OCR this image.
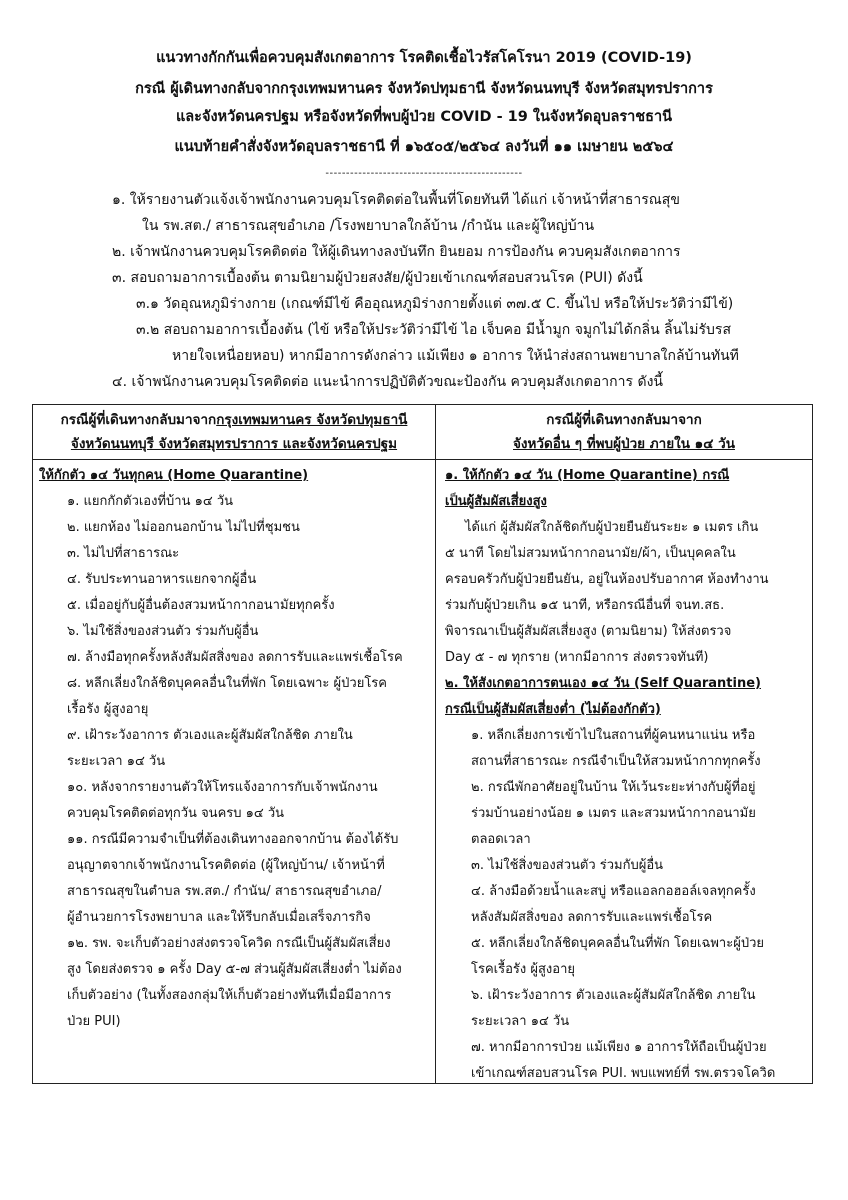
แนวทางกักกันเพื่อควบคุมสังเกตอาการ โรคติดเชื้อไวรัสโคโรนา 2019 (COVID-19)
กรณี ผู้เดินทางกลับจากกรุงเทพมหานคร จังหวัดปทุมธานี จังหวัดนนทบุรี จังหวัดสมุทรปราการ
และจังหวัดนครปฐม หรือจังหวัดที่พบผู้ป่วย COVID - 19 ในจังหวัดอุบลราชธานี
แนบท้ายคำสั่งจังหวัดอุบลราชธานี ที่ ๑๖๕๐๕/๒๕๖๔ ลงวันที่ ๑๑ เมษายน ๒๕๖๔
------------------------------------------------
๑. ให้รายงานตัวแจ้งเจ้าพนักงานควบคุมโรคติดต่อในพื้นที่โดยทันที ได้แก่ เจ้าหน้าที่สาธารณสุข
ใน รพ.สต./ สาธารณสุขอำเภอ /โรงพยาบาลใกล้บ้าน /กำนัน และผู้ใหญ่บ้าน
๒. เจ้าพนักงานควบคุมโรคติดต่อ ให้ผู้เดินทางลงบันทึก ยินยอม การป้องกัน ควบคุมสังเกตอาการ
๓. สอบถามอาการเบื้องต้น ตามนิยามผู้ป่วยสงสัย/ผู้ป่วยเข้าเกณฑ์สอบสวนโรค (PUI) ดังนี้
๓.๑ วัดอุณหภูมิร่างกาย (เกณฑ์มีไข้ คืออุณหภูมิร่างกายตั้งแต่ ๓๗.๕ C. ขึ้นไป หรือให้ประวัติว่ามีไข้)
๓.๒ สอบถามอาการเบื้องต้น (ไข้ หรือให้ประวัติว่ามีไข้ ไอ เจ็บคอ มีน้ำมูก จมูกไม่ได้กลิ่น ลิ้นไม่รับรส
หายใจเหนื่อยหอบ) หากมีอาการดังกล่าว แม้เพียง ๑ อาการ ให้นำส่งสถานพยาบาลใกล้บ้านทันที
๔. เจ้าพนักงานควบคุมโรคติดต่อ แนะนำการปฏิบัติตัวขณะป้องกัน ควบคุมสังเกตอาการ ดังนี้
กรณีผู้ที่เดินทางกลับมาจากกรุงเทพมหานคร จังหวัดปทุมธานี
จังหวัดนนทบุรี จังหวัดสมุทรปราการ และจังหวัดนครปฐม
กรณีผู้ที่เดินทางกลับมาจาก
จังหวัดอื่น ๆ ที่พบผู้ป่วย ภายใน ๑๔ วัน
ให้กักตัว ๑๔ วันทุกคน (Home Quarantine)
๑. แยกกักตัวเองที่บ้าน ๑๔ วัน
๒. แยกห้อง ไม่ออกนอกบ้าน ไม่ไปที่ชุมชน
๓. ไม่ไปที่สาธารณะ
๔. รับประทานอาหารแยกจากผู้อื่น
๕. เมื่ออยู่กับผู้อื่นต้องสวมหน้ากากอนามัยทุกครั้ง
๖. ไม่ใช้สิ่งของส่วนตัว ร่วมกับผู้อื่น
๗. ล้างมือทุกครั้งหลังสัมผัสสิ่งของ ลดการรับและแพร่เชื้อโรค
๘. หลีกเลี่ยงใกล้ชิดบุคคลอื่นในที่พัก โดยเฉพาะ ผู้ป่วยโรค
เรื้อรัง ผู้สูงอายุ
๙. เฝ้าระวังอาการ ตัวเองและผู้สัมผัสใกล้ชิด ภายใน
ระยะเวลา ๑๔ วัน
๑๐. หลังจากรายงานตัวให้โทรแจ้งอาการกับเจ้าพนักงาน
ควบคุมโรคติดต่อทุกวัน จนครบ ๑๔ วัน
๑๑. กรณีมีความจำเป็นที่ต้องเดินทางออกจากบ้าน ต้องได้รับ
อนุญาตจากเจ้าพนักงานโรคติดต่อ (ผู้ใหญ่บ้าน/ เจ้าหน้าที่
สาธารณสุขในตำบล รพ.สต./ กำนัน/ สาธารณสุขอำเภอ/
ผู้อำนวยการโรงพยาบาล และให้รีบกลับเมื่อเสร็จภารกิจ
๑๒. รพ. จะเก็บตัวอย่างส่งตรวจโควิด กรณีเป็นผู้สัมผัสเสี่ยง
สูง โดยส่งตรวจ ๑ ครั้ง Day ๕-๗ ส่วนผู้สัมผัสเสี่ยงต่ำ ไม่ต้อง
เก็บตัวอย่าง (ในทั้งสองกลุ่มให้เก็บตัวอย่างทันทีเมื่อมีอาการ
ป่วย PUI)
๑. ให้กักตัว ๑๔ วัน (Home Quarantine) กรณี
เป็นผู้สัมผัสเสี่ยงสูง
ได้แก่ ผู้สัมผัสใกล้ชิดกับผู้ป่วยยืนยันระยะ ๑ เมตร เกิน
๕ นาที โดยไม่สวมหน้ากากอนามัย/ผ้า, เป็นบุคคลใน
ครอบครัวกับผู้ป่วยยืนยัน, อยู่ในห้องปรับอากาศ ห้องทำงาน
ร่วมกับผู้ป่วยเกิน ๑๕ นาที, หรือกรณีอื่นที่ จนท.สธ.
พิจารณาเป็นผู้สัมผัสเสี่ยงสูง (ตามนิยาม) ให้ส่งตรวจ
Day ๕ - ๗ ทุกราย (หากมีอาการ ส่งตรวจทันที)
๒. ให้สังเกตอาการตนเอง ๑๔ วัน (Self Quarantine)
กรณีเป็นผู้สัมผัสเสี่ยงต่ำ (ไม่ต้องกักตัว)
๑. หลีกเลี่ยงการเข้าไปในสถานที่ผู้คนหนาแน่น หรือ
สถานที่สาธารณะ กรณีจำเป็นให้สวมหน้ากากทุกครั้ง
๒. กรณีพักอาศัยอยู่ในบ้าน ให้เว้นระยะห่างกับผู้ที่อยู่
ร่วมบ้านอย่างน้อย ๑ เมตร และสวมหน้ากากอนามัย
ตลอดเวลา
๓. ไม่ใช้สิ่งของส่วนตัว ร่วมกับผู้อื่น
๔. ล้างมือด้วยน้ำและสบู่ หรือแอลกอฮอล์เจลทุกครั้ง
หลังสัมผัสสิ่งของ ลดการรับและแพร่เชื้อโรค
๕. หลีกเลี่ยงใกล้ชิดบุคคลอื่นในที่พัก โดยเฉพาะผู้ป่วย
โรคเรื้อรัง ผู้สูงอายุ
๖. เฝ้าระวังอาการ ตัวเองและผู้สัมผัสใกล้ชิด ภายใน
ระยะเวลา ๑๔ วัน
๗. หากมีอาการป่วย แม้เพียง ๑ อาการให้ถือเป็นผู้ป่วย
เข้าเกณฑ์สอบสวนโรค PUI. พบแพทย์ที่ รพ.ตรวจโควิด
